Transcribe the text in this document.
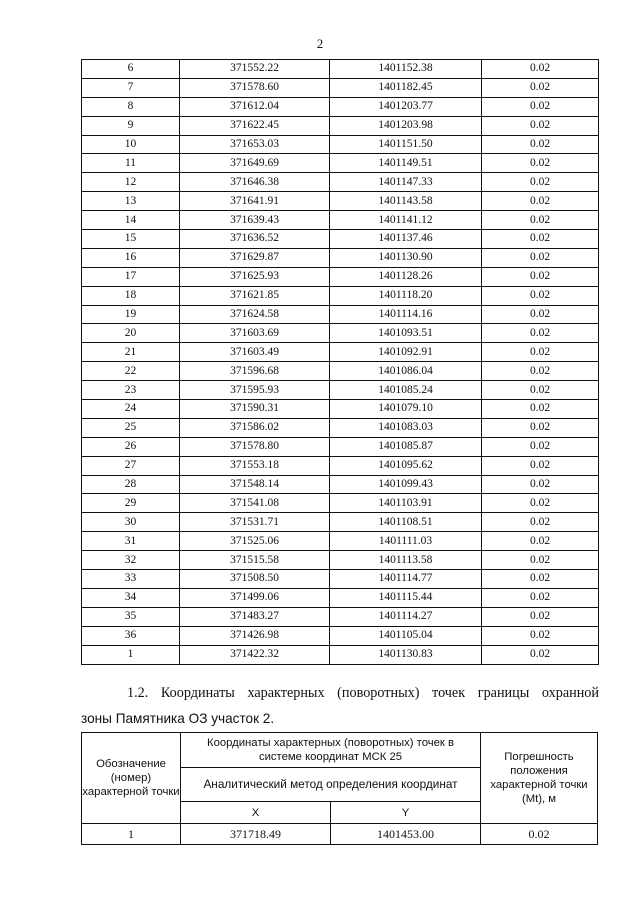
2
6	371552.22	1401152.38	0.02
7	371578.60	1401182.45	0.02
8	371612.04	1401203.77	0.02
9	371622.45	1401203.98	0.02
10	371653.03	1401151.50	0.02
11	371649.69	1401149.51	0.02
12	371646.38	1401147.33	0.02
13	371641.91	1401143.58	0.02
14	371639.43	1401141.12	0.02
15	371636.52	1401137.46	0.02
16	371629.87	1401130.90	0.02
17	371625.93	1401128.26	0.02
18	371621.85	1401118.20	0.02
19	371624.58	1401114.16	0.02
20	371603.69	1401093.51	0.02
21	371603.49	1401092.91	0.02
22	371596.68	1401086.04	0.02
23	371595.93	1401085.24	0.02
24	371590.31	1401079.10	0.02
25	371586.02	1401083.03	0.02
26	371578.80	1401085.87	0.02
27	371553.18	1401095.62	0.02
28	371548.14	1401099.43	0.02
29	371541.08	1401103.91	0.02
30	371531.71	1401108.51	0.02
31	371525.06	1401111.03	0.02
32	371515.58	1401113.58	0.02
33	371508.50	1401114.77	0.02
34	371499.06	1401115.44	0.02
35	371483.27	1401114.27	0.02
36	371426.98	1401105.04	0.02
1	371422.32	1401130.83	0.02
1.2. Координаты характерных (поворотных) точек границы охранной
зоны Памятника ОЗ участок 2.
Обозначение (номер) характерной точки	Координаты характерных (поворотных) точек в системе координат МСК 25		Погрешность положения характерной точки (Mt), м
	Аналитический метод определения координат		
	X	Y	
1	371718.49	1401453.00	0.02
